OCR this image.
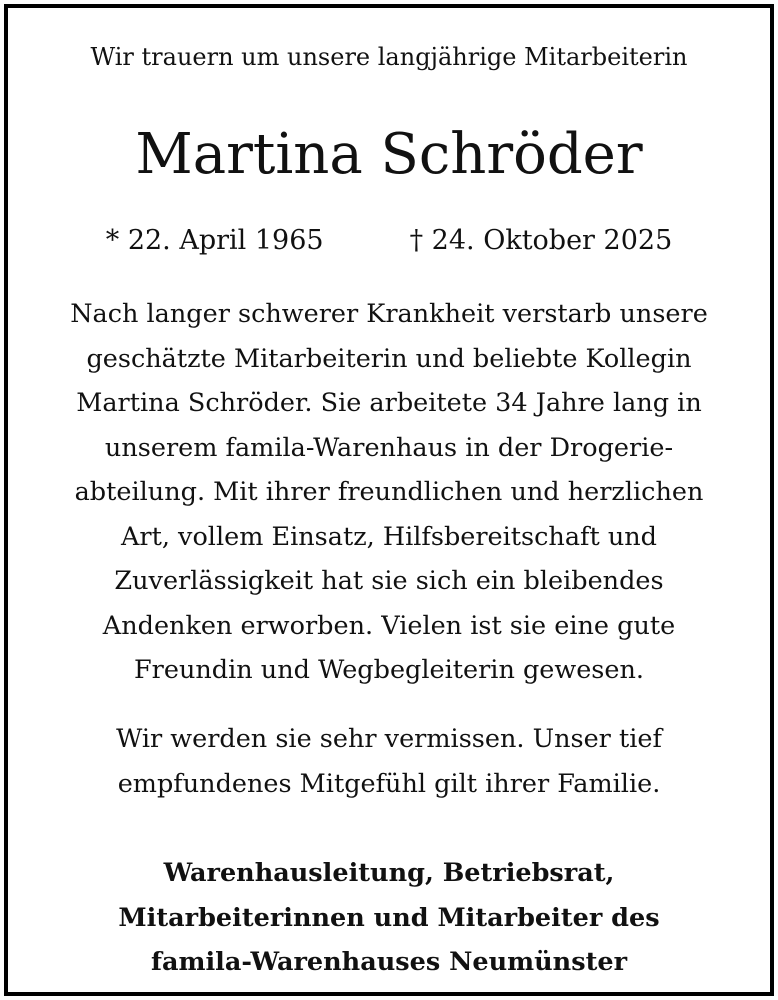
Wir trauern um unsere langjährige Mitarbeiterin

Martina Schröder
* 22. April 1965	† 24. Oktober 2025

Nach langer schwerer Krankheit verstarb unsere
geschätzte Mitarbeiterin und beliebte Kollegin
Martina Schröder. Sie arbeitete 34 Jahre lang in
unserem famila-Warenhaus in der Drogerie-
abteilung. Mit ihrer freundlichen und herzlichen
Art, vollem Einsatz, Hilfsbereitschaft und
Zuverlässigkeit hat sie sich ein bleibendes
Andenken erworben. Vielen ist sie eine gute
Freundin und Wegbegleiterin gewesen.

Wir werden sie sehr vermissen. Unser tief
empfundenes Mitgefühl gilt ihrer Familie.

Warenhausleitung, Betriebsrat,
Mitarbeiterinnen und Mitarbeiter des
famila-Warenhauses Neumünster
